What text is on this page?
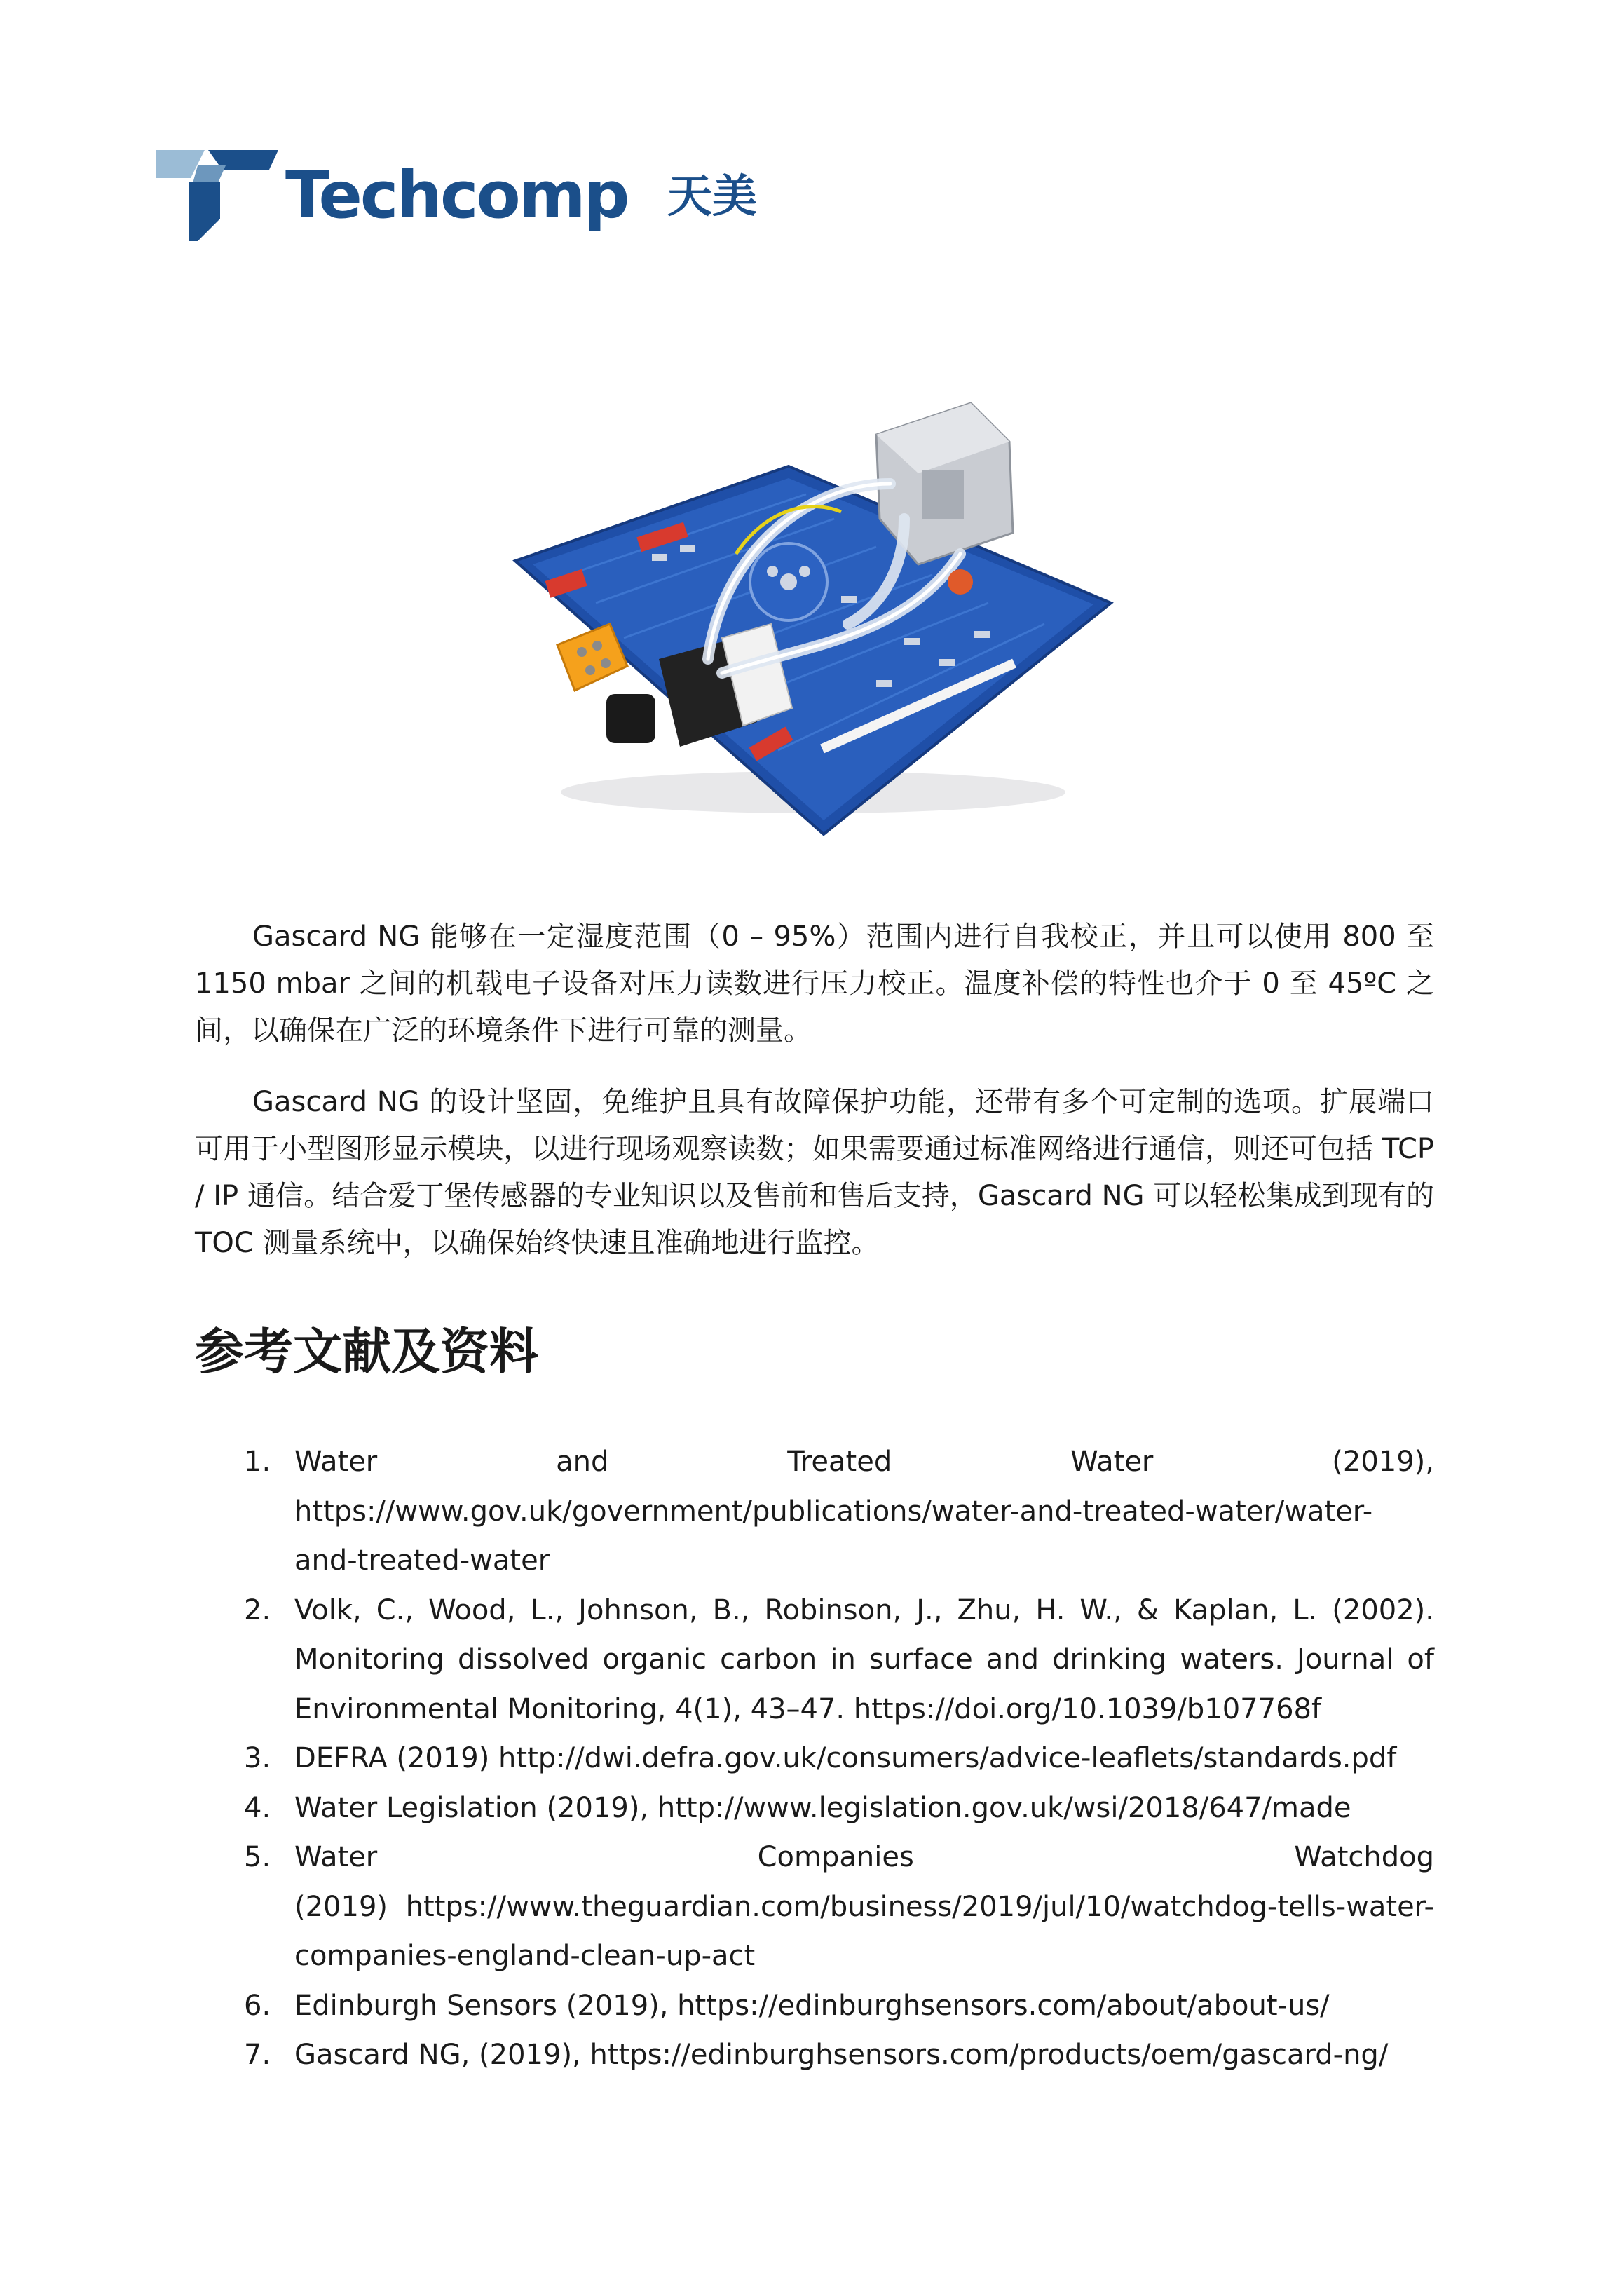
Techcomp 天美

Gascard NG 能够在一定湿度范围（0 – 95%）范围内进行自我校正，并且可以使用 800 至 1150 mbar 之间的机载电子设备对压力读数进行压力校正。温度补偿的特性也介于 0 至 45ºC 之间，以确保在广泛的环境条件下进行可靠的测量。

Gascard NG 的设计坚固，免维护且具有故障保护功能，还带有多个可定制的选项。扩展端口可用于小型图形显示模块，以进行现场观察读数；如果需要通过标准网络进行通信，则还可包括 TCP / IP 通信。结合爱丁堡传感器的专业知识以及售前和售后支持，Gascard NG 可以轻松集成到现有的 TOC 测量系统中，以确保始终快速且准确地进行监控。

参考文献及资料
1. Water	and	Treated	Water	(2019),
https://www.gov.uk/government/publications/water-and-treated-water/water-and-treated-water
2. Volk, C., Wood, L., Johnson, B., Robinson, J., Zhu, H. W., & Kaplan, L. (2002). Monitoring dissolved organic carbon in surface and drinking waters. Journal of Environmental Monitoring, 4(1), 43–47. https://doi.org/10.1039/b107768f
3. DEFRA (2019) http://dwi.defra.gov.uk/consumers/advice-leaflets/standards.pdf
4. Water Legislation (2019), http://www.legislation.gov.uk/wsi/2018/647/made
5. Water	Companies	Watchdog
(2019) https://www.theguardian.com/business/2019/jul/10/watchdog-tells-water-companies-england-clean-up-act
6. Edinburgh Sensors (2019), https://edinburghsensors.com/about/about-us/
7. Gascard NG, (2019), https://edinburghsensors.com/products/oem/gascard-ng/
